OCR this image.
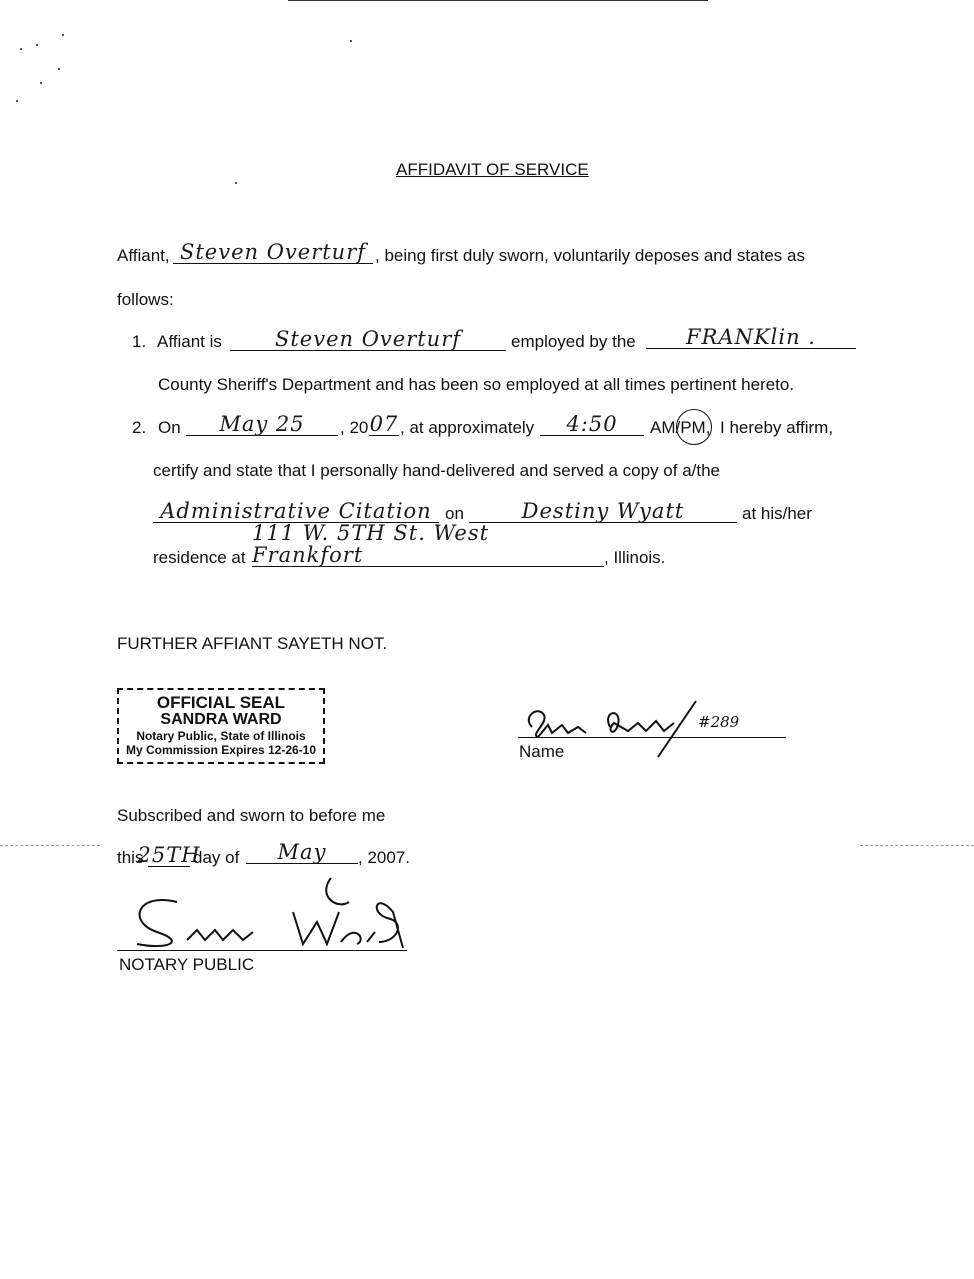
AFFIDAVIT OF SERVICE
Affiant, Steven Overturf , being first duly sworn, voluntarily deposes and states as
follows:
1. Affiant is	Steven Overturf	employed by the FRANKlin .
County Sheriff's Department and has been so employed at all times pertinent hereto.
2. On May 25 , 20 07 , at approximately 4:50 AM/PM, I hereby affirm,
certify and state that I personally hand-delivered and served a copy of a/the
Administrative Citation on	Destiny Wyatt	at his/her
residence at
111 W. 5TH St. West Frankfort	, Illinois.
FURTHER AFFIANT SAYETH NOT.
OFFICIAL SEAL
SANDRA WARD
Notary Public, State of Illinois
My Commission Expires 12-26-10
#289
Name
Subscribed and sworn to before me
this
25TH
day of May , 2007.
NOTARY PUBLIC
